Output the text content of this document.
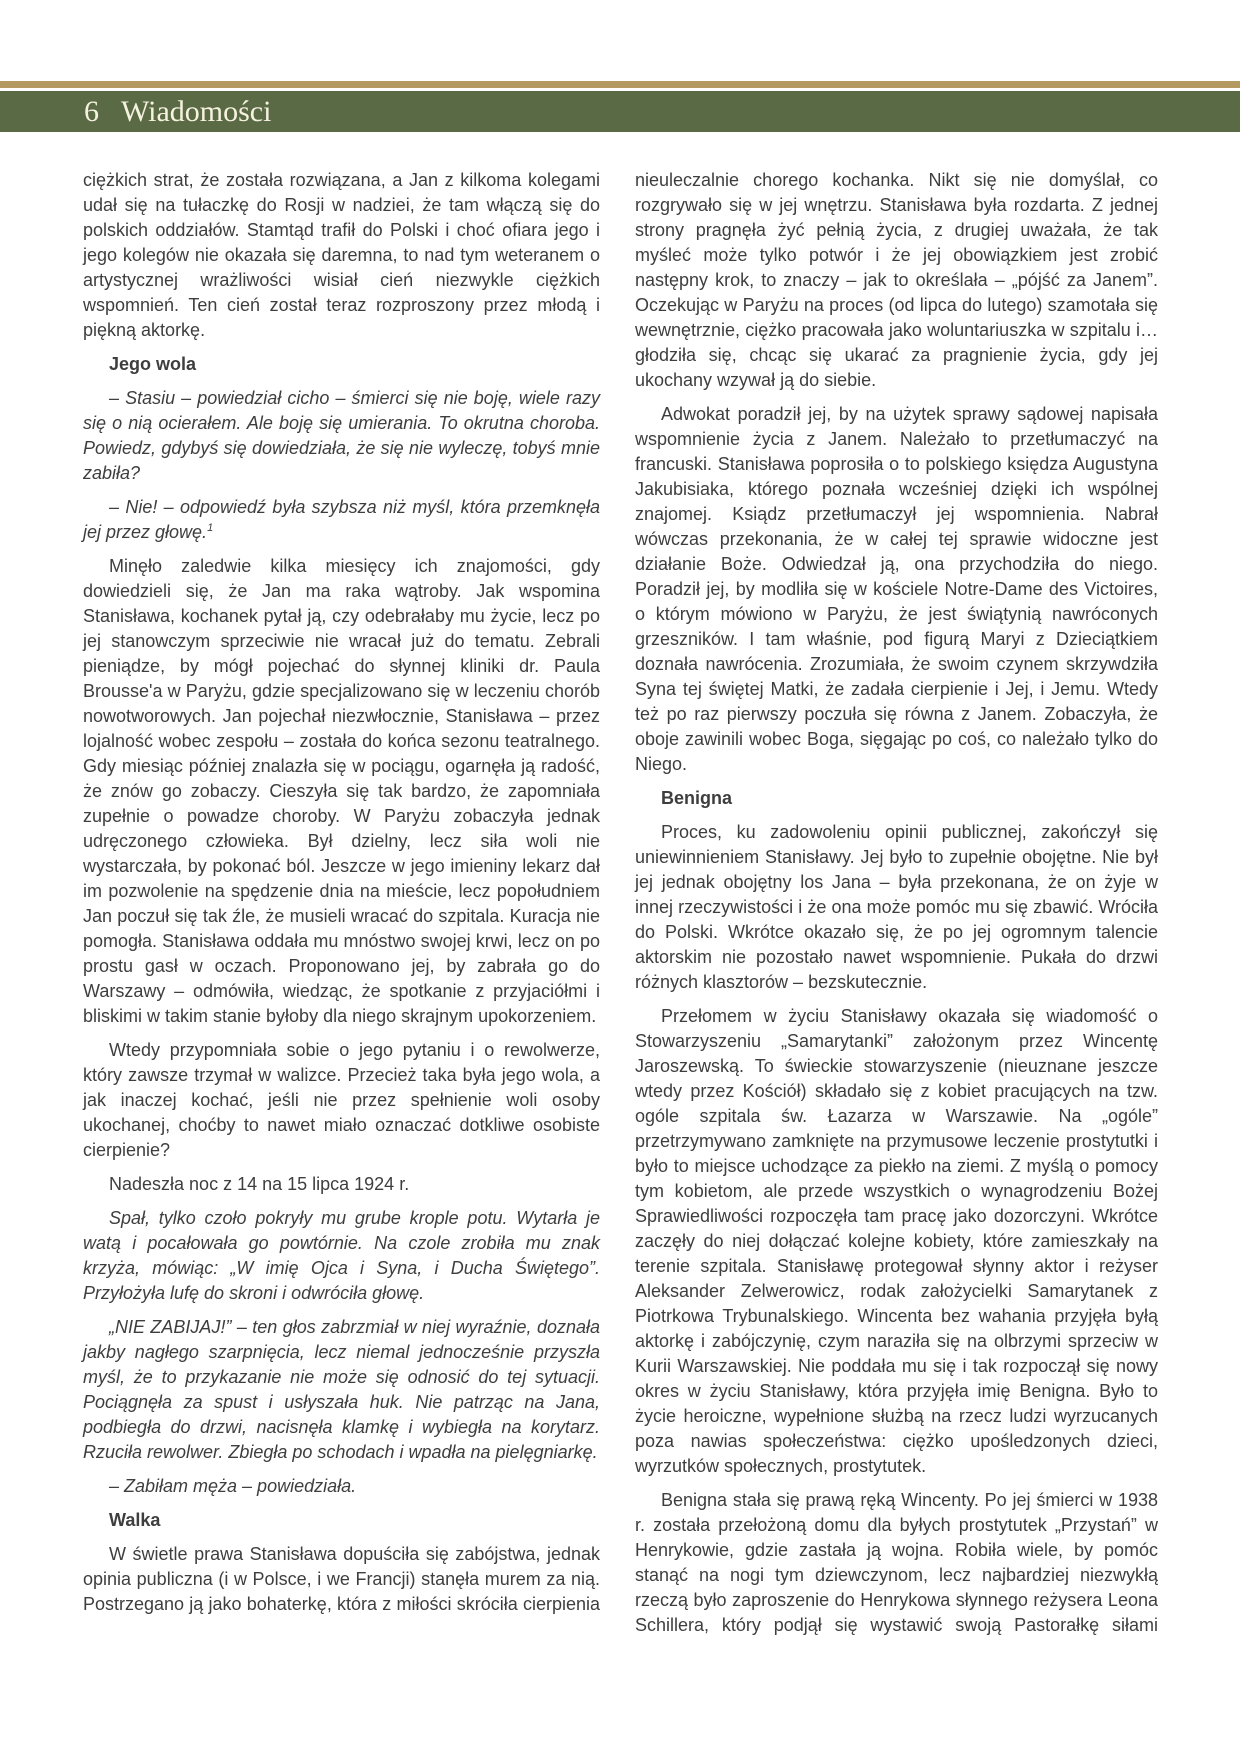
6 Wiadomości

ciężkich strat, że została rozwiązana, a Jan z kilkoma kolegami udał się na tułaczkę do Rosji w nadziei, że tam włączą się do polskich oddziałów. Stamtąd trafił do Polski i choć ofiara jego i jego kolegów nie okazała się daremna, to nad tym weteranem o artystycznej wrażliwości wisiał cień niezwykle ciężkich wspomnień. Ten cień został teraz rozproszony przez młodą i piękną aktorkę.

Jego wola

– Stasiu – powiedział cicho – śmierci się nie boję, wiele razy się o nią ocierałem. Ale boję się umierania. To okrutna choroba. Powiedz, gdybyś się dowiedziała, że się nie wyleczę, tobyś mnie zabiła?

– Nie! – odpowiedź była szybsza niż myśl, która przemknęła jej przez głowę.$^1$

Minęło zaledwie kilka miesięcy ich znajomości, gdy dowiedzieli się, że Jan ma raka wątroby. Jak wspomina Stanisława, kochanek pytał ją, czy odebrałaby mu życie, lecz po jej stanowczym sprzeciwie nie wracał już do tematu. Zebrali pieniądze, by mógł pojechać do słynnej kliniki dr. Paula Brousse'a w Paryżu, gdzie specjalizowano się w leczeniu chorób nowotworowych. Jan pojechał niezwłocznie, Stanisława – przez lojalność wobec zespołu – została do końca sezonu teatralnego. Gdy miesiąc później znalazła się w pociągu, ogarnęła ją radość, że znów go zobaczy. Cieszyła się tak bardzo, że zapomniała zupełnie o powadze choroby. W Paryżu zobaczyła jednak udręczonego człowieka. Był dzielny, lecz siła woli nie wystarczała, by pokonać ból. Jeszcze w jego imieniny lekarz dał im pozwolenie na spędzenie dnia na mieście, lecz popołudniem Jan poczuł się tak źle, że musieli wracać do szpitala. Kuracja nie pomogła. Stanisława oddała mu mnóstwo swojej krwi, lecz on po prostu gasł w oczach. Proponowano jej, by zabrała go do Warszawy – odmówiła, wiedząc, że spotkanie z przyjaciółmi i bliskimi w takim stanie byłoby dla niego skrajnym upokorzeniem.

Wtedy przypomniała sobie o jego pytaniu i o rewolwerze, który zawsze trzymał w walizce. Przecież taka była jego wola, a jak inaczej kochać, jeśli nie przez spełnienie woli osoby ukochanej, choćby to nawet miało oznaczać dotkliwe osobiste cierpienie?

Nadeszła noc z 14 na 15 lipca 1924 r.

Spał, tylko czoło pokryły mu grube krople potu. Wytarła je watą i pocałowała go powtórnie. Na czole zrobiła mu znak krzyża, mówiąc: „W imię Ojca i Syna, i Ducha Świętego”. Przyłożyła lufę do skroni i odwróciła głowę.

„NIE ZABIJAJ!” – ten głos zabrzmiał w niej wyraźnie, doznała jakby nagłego szarpnięcia, lecz niemal jednocześnie przyszła myśl, że to przykazanie nie może się odnosić do tej sytuacji. Pociągnęła za spust i usłyszała huk. Nie patrząc na Jana, podbiegła do drzwi, nacisnęła klamkę i wybiegła na korytarz. Rzuciła rewolwer. Zbiegła po schodach i wpadła na pielęgniarkę.

– Zabiłam męża – powiedziała.

Walka

W świetle prawa Stanisława dopuściła się zabójstwa, jednak opinia publiczna (i w Polsce, i we Francji) stanęła murem za nią. Postrzegano ją jako bohaterkę, która z miłości skróciła cierpienia

nieuleczalnie chorego kochanka. Nikt się nie domyślał, co rozgrywało się w jej wnętrzu. Stanisława była rozdarta. Z jednej strony pragnęła żyć pełnią życia, z drugiej uważała, że tak myśleć może tylko potwór i że jej obowiązkiem jest zrobić następny krok, to znaczy – jak to określała – „pójść za Janem”. Oczekując w Paryżu na proces (od lipca do lutego) szamotała się wewnętrznie, ciężko pracowała jako woluntariuszka w szpitalu i… głodziła się, chcąc się ukarać za pragnienie życia, gdy jej ukochany wzywał ją do siebie.

Adwokat poradził jej, by na użytek sprawy sądowej napisała wspomnienie życia z Janem. Należało to przetłumaczyć na francuski. Stanisława poprosiła o to polskiego księdza Augustyna Jakubisiaka, którego poznała wcześniej dzięki ich wspólnej znajomej. Ksiądz przetłumaczył jej wspomnienia. Nabrał wówczas przekonania, że w całej tej sprawie widoczne jest działanie Boże. Odwiedzał ją, ona przychodziła do niego. Poradził jej, by modliła się w kościele Notre-Dame des Victoires, o którym mówiono w Paryżu, że jest świątynią nawróconych grzeszników. I tam właśnie, pod figurą Maryi z Dzieciątkiem doznała nawrócenia. Zrozumiała, że swoim czynem skrzywdziła Syna tej świętej Matki, że zadała cierpienie i Jej, i Jemu. Wtedy też po raz pierwszy poczuła się równa z Janem. Zobaczyła, że oboje zawinili wobec Boga, sięgając po coś, co należało tylko do Niego.

Benigna

Proces, ku zadowoleniu opinii publicznej, zakończył się uniewinnieniem Stanisławy. Jej było to zupełnie obojętne. Nie był jej jednak obojętny los Jana – była przekonana, że on żyje w innej rzeczywistości i że ona może pomóc mu się zbawić. Wróciła do Polski. Wkrótce okazało się, że po jej ogromnym talencie aktorskim nie pozostało nawet wspomnienie. Pukała do drzwi różnych klasztorów – bezskutecznie.

Przełomem w życiu Stanisławy okazała się wiadomość o Stowarzyszeniu „Samarytanki” założonym przez Wincentę Jaroszewską. To świeckie stowarzyszenie (nieuznane jeszcze wtedy przez Kościół) składało się z kobiet pracujących na tzw. ogóle szpitala św. Łazarza w Warszawie. Na „ogóle” przetrzymywano zamknięte na przymusowe leczenie prostytutki i było to miejsce uchodzące za piekło na ziemi. Z myślą o pomocy tym kobietom, ale przede wszystkich o wynagrodzeniu Bożej Sprawiedliwości rozpoczęła tam pracę jako dozorczyni. Wkrótce zaczęły do niej dołączać kolejne kobiety, które zamieszkały na terenie szpitala. Stanisławę protegował słynny aktor i reżyser Aleksander Zelwerowicz, rodak założycielki Samarytanek z Piotrkowa Trybunalskiego. Wincenta bez wahania przyjęła byłą aktorkę i zabójczynię, czym naraziła się na olbrzymi sprzeciw w Kurii Warszawskiej. Nie poddała mu się i tak rozpoczął się nowy okres w życiu Stanisławy, która przyjęła imię Benigna. Było to życie heroiczne, wypełnione służbą na rzecz ludzi wyrzucanych poza nawias społeczeństwa: ciężko upośledzonych dzieci, wyrzutków społecznych, prostytutek.

Benigna stała się prawą ręką Wincenty. Po jej śmierci w 1938 r. została przełożoną domu dla byłych prostytutek „Przystań” w Henrykowie, gdzie zastała ją wojna. Robiła wiele, by pomóc stanąć na nogi tym dziewczynom, lecz najbardziej niezwykłą rzeczą było zaproszenie do Henrykowa słynnego reżysera Leona Schillera, który podjął się wystawić swoją Pastorałkę siłami
